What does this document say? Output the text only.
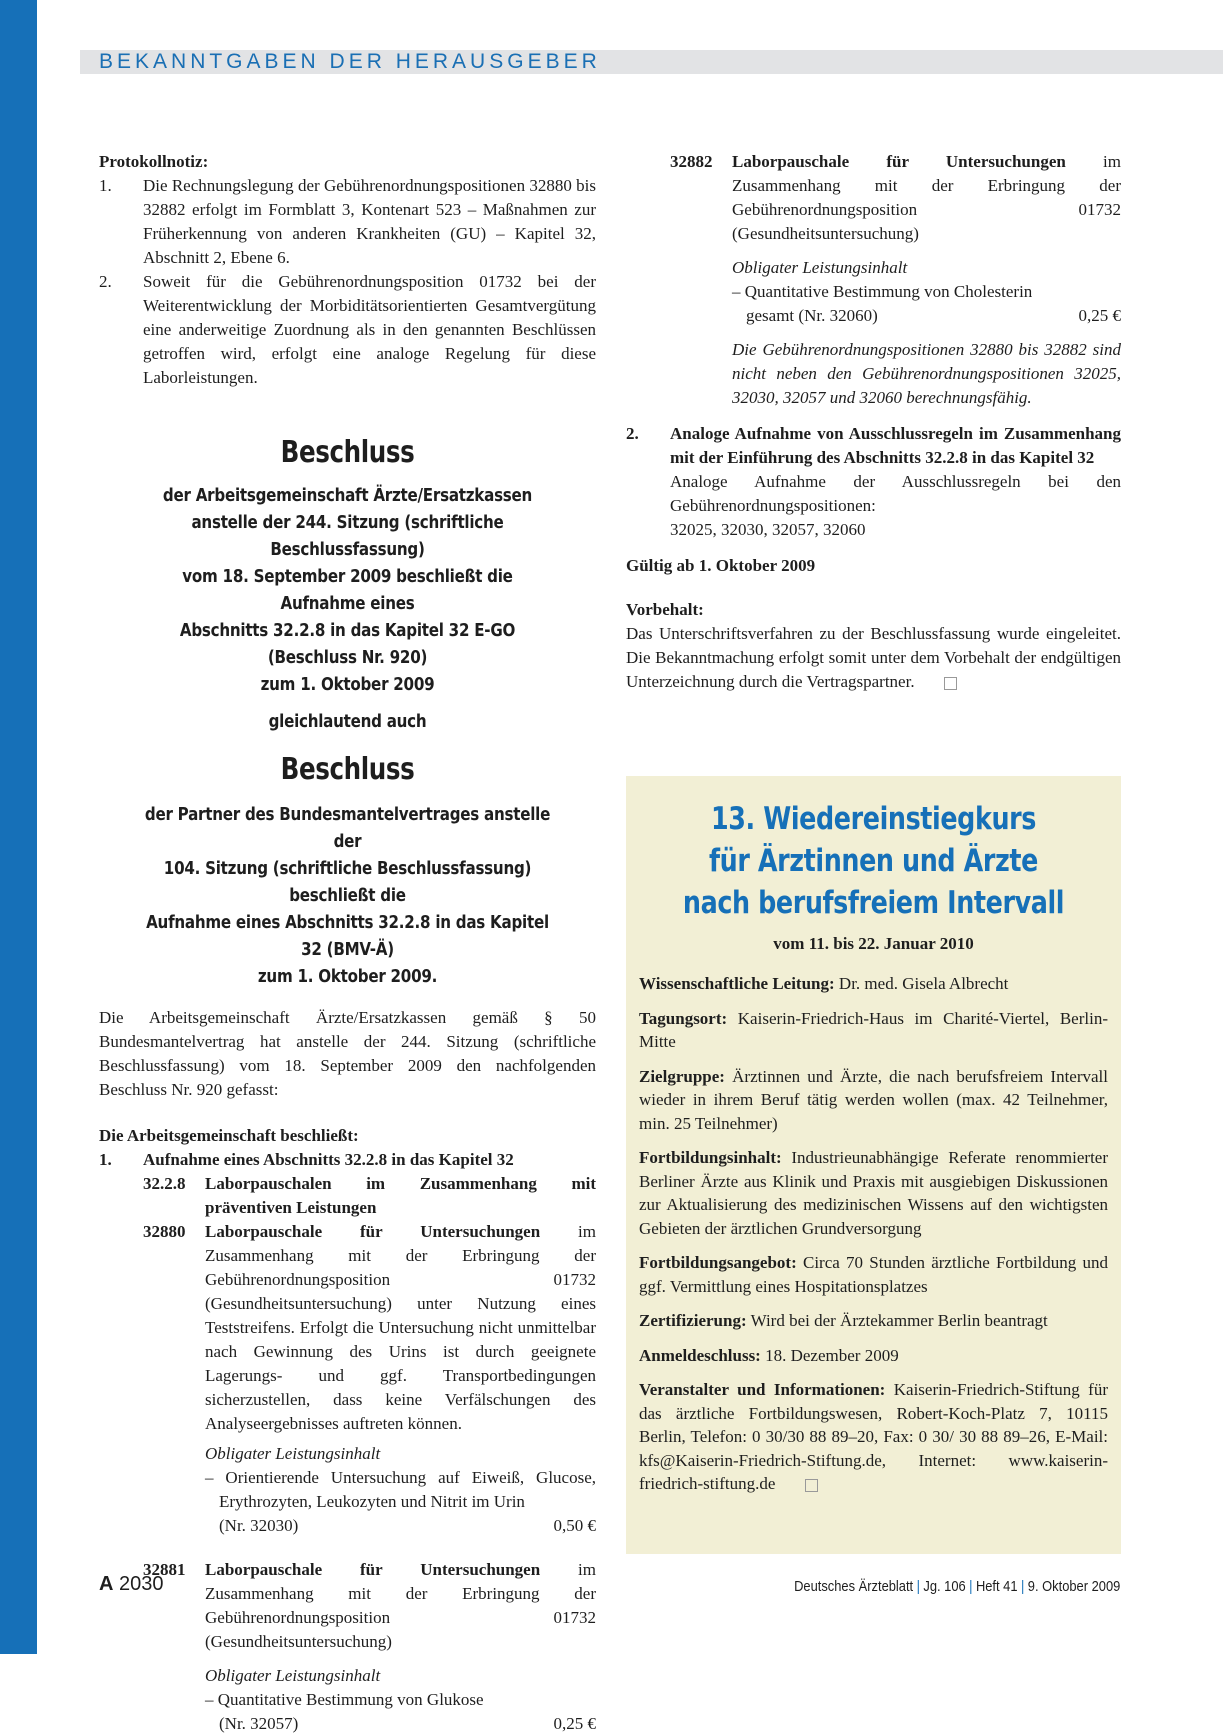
BEKANNTGABEN DER HERAUSGEBER

Protokollnotiz:

1.	Die Rechnungslegung der Gebührenordnungspositionen 32880 bis 32882 erfolgt im Formblatt 3, Kontenart 523 – Maßnahmen zur Früherkennung von anderen Krankheiten (GU) – Kapitel 32, Abschnitt 2, Ebene 6.
2.	Soweit für die Gebührenordnungsposition 01732 bei der Weiterentwicklung der Morbiditätsorientierten Gesamtvergütung eine anderweitige Zuordnung als in den genannten Beschlüssen getroffen wird, erfolgt eine analoge Regelung für diese Laborleistungen.

Beschluss

der Arbeitsgemeinschaft Ärzte/Ersatzkassen

anstelle der 244. Sitzung (schriftliche Beschlussfassung)

vom 18. September 2009 beschließt die Aufnahme eines

Abschnitts 32.2.8 in das Kapitel 32 E-GO (Beschluss Nr. 920)

zum 1. Oktober 2009

gleichlautend auch

Beschluss

der Partner des Bundesmantelvertrages anstelle der

104. Sitzung (schriftliche Beschlussfassung) beschließt die

Aufnahme eines Abschnitts 32.2.8 in das Kapitel 32 (BMV-Ä)

zum 1. Oktober 2009.

Die Arbeitsgemeinschaft Ärzte/Ersatzkassen gemäß § 50 Bundesmantelvertrag hat anstelle der 244. Sitzung (schriftliche Beschlussfassung) vom 18. September 2009 den nachfolgenden Beschluss Nr. 920 gefasst:

Die Arbeitsgemeinschaft beschließt:

1.	Aufnahme eines Abschnitts 32.2.8 in das Kapitel 32
32.2.8	Laborpauschalen im Zusammenhang mit präventiven Leistungen
32880	Laborpauschale für Untersuchungen im Zusammenhang mit der Erbringung der Gebührenordnungsposition 01732 (Gesundheitsuntersuchung) unter Nutzung eines Teststreifens. Erfolgt die Untersuchung nicht unmittelbar nach Gewinnung des Urins ist durch geeignete Lagerungs- und ggf. Transportbedingungen sicherzustellen, dass keine Verfälschungen des Analyseergebnisses auftreten können.

Obligater Leistungsinhalt

– Orientierende Untersuchung auf Eiweiß, Glucose, Erythrozyten, Leukozyten und Nitrit im Urin

(Nr. 32030)	0,50 €
32881	Laborpauschale für Untersuchungen im Zusammenhang mit der Erbringung der Gebührenordnungsposition 01732 (Gesundheitsuntersuchung)

Obligater Leistungsinhalt

– Quantitative Bestimmung von Glukose

(Nr. 32057)	0,25 €
32882	Laborpauschale für Untersuchungen im Zusammenhang mit der Erbringung der Gebührenordnungsposition 01732 (Gesundheitsuntersuchung)

Obligater Leistungsinhalt

– Quantitative Bestimmung von Cholesterin

gesamt (Nr. 32060)	0,25 €

Die Gebührenordnungspositionen 32880 bis 32882 sind nicht neben den Gebührenordnungspositionen 32025, 32030, 32057 und 32060 berechnungsfähig.

2.	Analoge Aufnahme von Ausschlussregeln im Zusammenhang mit der Einführung des Abschnitts 32.2.8 in das Kapitel 32

Analoge Aufnahme der Ausschlussregeln bei den Gebührenordnungspositionen:

32025, 32030, 32057, 32060

Gültig ab 1. Oktober 2009

Vorbehalt:

Das Unterschriftsverfahren zu der Beschlussfassung wurde eingeleitet. Die Bekanntmachung erfolgt somit unter dem Vorbehalt der endgültigen Unterzeichnung durch die Vertragspartner.

13. Wiedereinstiegkurs

für Ärztinnen und Ärzte

nach berufsfreiem Intervall

vom 11. bis 22. Januar 2010

Wissenschaftliche Leitung: Dr. med. Gisela Albrecht

Tagungsort: Kaiserin-Friedrich-Haus im Charité-Viertel, Berlin-Mitte

Zielgruppe: Ärztinnen und Ärzte, die nach berufsfreiem Intervall wieder in ihrem Beruf tätig werden wollen (max. 42 Teilnehmer, min. 25 Teilnehmer)

Fortbildungsinhalt: Industrieunabhängige Referate renommierter Berliner Ärzte aus Klinik und Praxis mit ausgiebigen Diskussionen zur Aktualisierung des medizinischen Wissens auf den wichtigsten Gebieten der ärztlichen Grundversorgung

Fortbildungsangebot: Circa 70 Stunden ärztliche Fortbildung und ggf. Vermittlung eines Hospitationsplatzes

Zertifizierung: Wird bei der Ärztekammer Berlin beantragt

Anmeldeschluss: 18. Dezember 2009

Veranstalter und Informationen: Kaiserin-Friedrich-Stiftung für das ärztliche Fortbildungswesen, Robert-Koch-Platz 7, 10115 Berlin, Telefon: 0 30/30 88 89–20, Fax: 0 30/ 30 88 89–26, E-Mail: kfs@Kaiserin-Friedrich-Stiftung.de, Internet: www.kaiserin-friedrich-stiftung.de

A 2030	Deutsches Ärzteblatt | Jg. 106 | Heft 41 | 9. Oktober 2009
